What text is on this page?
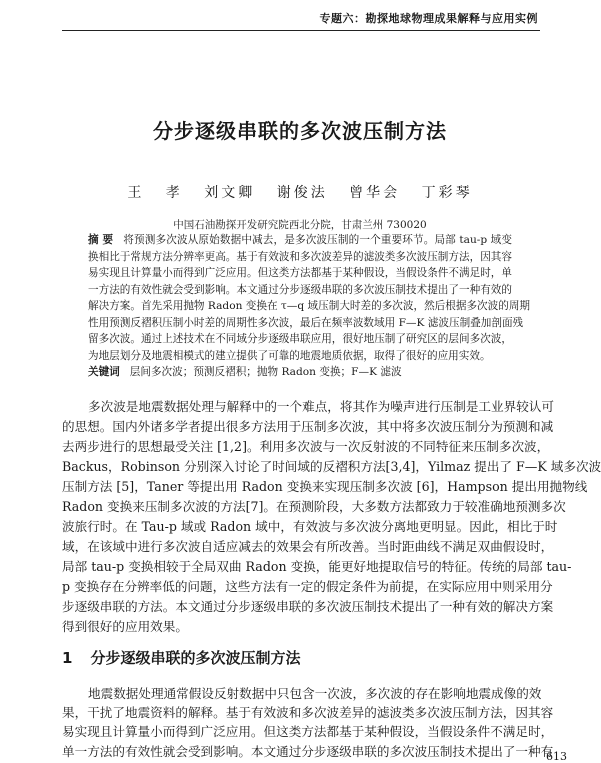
专题六：勘探地球物理成果解释与应用实例
分步逐级串联的多次波压制方法
王 孝 刘文卿 谢俊法 曾华会 丁彩琴
中国石油勘探开发研究院西北分院，甘肃兰州 730020
摘 要 将预测多次波从原始数据中减去，是多次波压制的一个重要环节。局部 tau-p 域变
换相比于常规方法分辨率更高。基于有效波和多次波差异的滤波类多次波压制方法，因其容
易实现且计算量小而得到广泛应用。但这类方法都基于某种假设，当假设条件不满足时，单
一方法的有效性就会受到影响。本文通过分步逐级串联的多次波压制技术提出了一种有效的
解决方案。首先采用抛物 Radon 变换在 τ—q 域压制大时差的多次波，然后根据多次波的周期
性用预测反褶积压制小时差的周期性多次波，最后在频率波数域用 F—K 滤波压制叠加剖面残
留多次波。通过上述技术在不同域分步逐级串联应用，很好地压制了研究区的层间多次波，
为地层划分及地震相模式的建立提供了可靠的地震地质依据，取得了很好的应用实效。
关键词 层间多次波；预测反褶积；抛物 Radon 变换；F—K 滤波
多次波是地震数据处理与解释中的一个难点，将其作为噪声进行压制是工业界较认可
的思想。国内外诸多学者提出很多方法用于压制多次波，其中将多次波压制分为预测和减
去两步进行的思想最受关注 [1,2]。利用多次波与一次反射波的不同特征来压制多次波，
Backus，Robinson 分别深入讨论了时间域的反褶积方法[3,4]，Yilmaz 提出了 F—K 域多次波
压制方法 [5]，Taner 等提出用 Radon 变换来实现压制多次波 [6]，Hampson 提出用抛物线
Radon 变换来压制多次波的方法[7]。在预测阶段，大多数方法都致力于较准确地预测多次
波旅行时。在 Tau-p 域或 Radon 域中，有效波与多次波分离地更明显。因此，相比于时
域，在该域中进行多次波自适应减去的效果会有所改善。当时距曲线不满足双曲假设时，
局部 tau-p 变换相较于全局双曲 Radon 变换，能更好地提取信号的特征。传统的局部 tau-
p 变换存在分辨率低的问题，这些方法有一定的假定条件为前提，在实际应用中则采用分
步逐级串联的方法。本文通过分步逐级串联的多次波压制技术提出了一种有效的解决方案
得到很好的应用效果。
1 分步逐级串联的多次波压制方法
地震数据处理通常假设反射数据中只包含一次波，多次波的存在影响地震成像的效
果，干扰了地震资料的解释。基于有效波和多次波差异的滤波类多次波压制方法，因其容
易实现且计算量小而得到广泛应用。但这类方法都基于某种假设，当假设条件不满足时，
单一方法的有效性就会受到影响。本文通过分步逐级串联的多次波压制技术提出了一种有
613
